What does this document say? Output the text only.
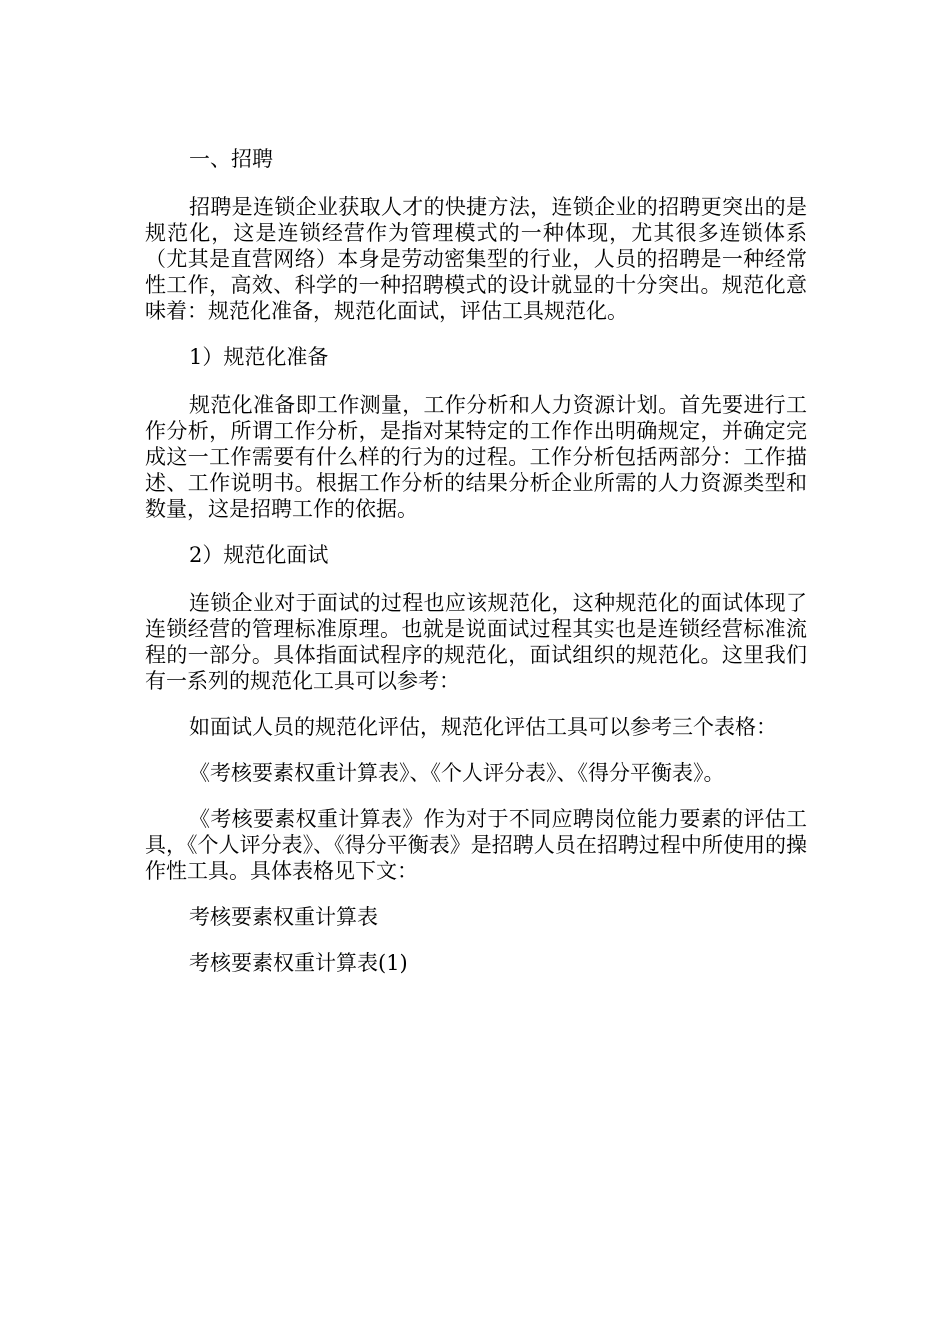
一、招聘

招聘是连锁企业获取人才的快捷方法，连锁企业的招聘更突出的是规范化，这是连锁经营作为管理模式的一种体现，尤其很多连锁体系（尤其是直营网络）本身是劳动密集型的行业，人员的招聘是一种经常性工作，高效、科学的一种招聘模式的设计就显的十分突出。规范化意味着：规范化准备，规范化面试，评估工具规范化。

1）规范化准备

规范化准备即工作测量，工作分析和人力资源计划。首先要进行工作分析，所谓工作分析，是指对某特定的工作作出明确规定，并确定完成这一工作需要有什么样的行为的过程。工作分析包括两部分：工作描述、工作说明书。根据工作分析的结果分析企业所需的人力资源类型和数量，这是招聘工作的依据。

2）规范化面试

连锁企业对于面试的过程也应该规范化，这种规范化的面试体现了连锁经营的管理标准原理。也就是说面试过程其实也是连锁经营标准流程的一部分。具体指面试程序的规范化，面试组织的规范化。这里我们有一系列的规范化工具可以参考：

如面试人员的规范化评估，规范化评估工具可以参考三个表格：

《考核要素权重计算表》、《个人评分表》、《得分平衡表》。

《考核要素权重计算表》作为对于不同应聘岗位能力要素的评估工具，《个人评分表》、《得分平衡表》是招聘人员在招聘过程中所使用的操作性工具。具体表格见下文：

考核要素权重计算表

考核要素权重计算表(1)
